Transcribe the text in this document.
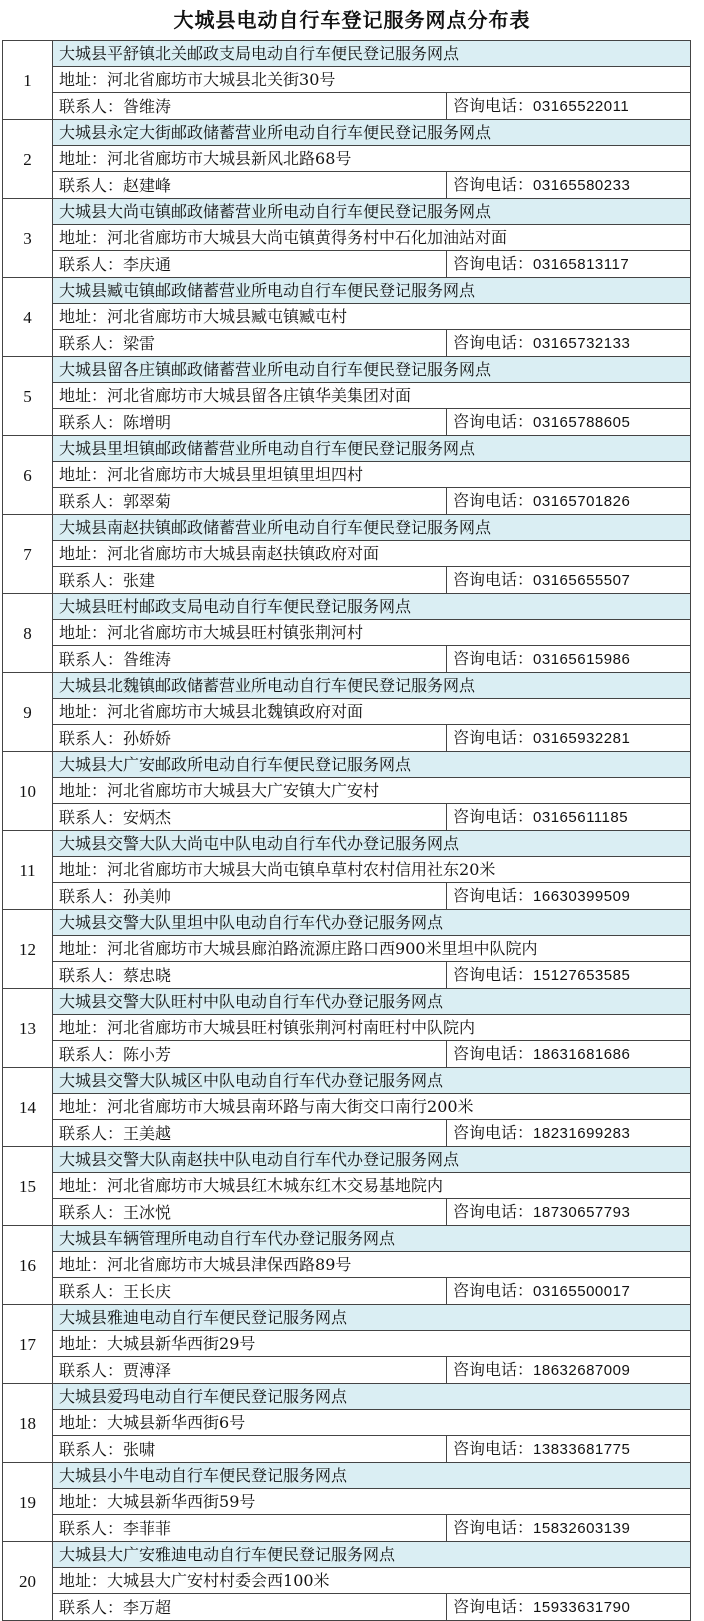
大城县电动自行车登记服务网点分布表
1	大城县平舒镇北关邮政支局电动自行车便民登记服务网点	
	地址：河北省廊坊市大城县北关街30号	
	联系人：昝维涛	咨询电话：03165522011
2	大城县永定大街邮政储蓄营业所电动自行车便民登记服务网点	
	地址：河北省廊坊市大城县新风北路68号	
	联系人：赵建峰	咨询电话：03165580233
3	大城县大尚屯镇邮政储蓄营业所电动自行车便民登记服务网点	
	地址：河北省廊坊市大城县大尚屯镇黄得务村中石化加油站对面	
	联系人：李庆通	咨询电话：03165813117
4	大城县臧屯镇邮政储蓄营业所电动自行车便民登记服务网点	
	地址：河北省廊坊市大城县臧屯镇臧屯村	
	联系人：梁雷	咨询电话：03165732133
5	大城县留各庄镇邮政储蓄营业所电动自行车便民登记服务网点	
	地址：河北省廊坊市大城县留各庄镇华美集团对面	
	联系人：陈增明	咨询电话：03165788605
6	大城县里坦镇邮政储蓄营业所电动自行车便民登记服务网点	
	地址：河北省廊坊市大城县里坦镇里坦四村	
	联系人：郭翠菊	咨询电话：03165701826
7	大城县南赵扶镇邮政储蓄营业所电动自行车便民登记服务网点	
	地址：河北省廊坊市大城县南赵扶镇政府对面	
	联系人：张建	咨询电话：03165655507
8	大城县旺村邮政支局电动自行车便民登记服务网点	
	地址：河北省廊坊市大城县旺村镇张荆河村	
	联系人：昝维涛	咨询电话：03165615986
9	大城县北魏镇邮政储蓄营业所电动自行车便民登记服务网点	
	地址：河北省廊坊市大城县北魏镇政府对面	
	联系人：孙娇娇	咨询电话：03165932281
10	大城县大广安邮政所电动自行车便民登记服务网点	
	地址：河北省廊坊市大城县大广安镇大广安村	
	联系人：安炳杰	咨询电话：03165611185
11	大城县交警大队大尚屯中队电动自行车代办登记服务网点	
	地址：河北省廊坊市大城县大尚屯镇阜草村农村信用社东20米	
	联系人：孙美帅	咨询电话：16630399509
12	大城县交警大队里坦中队电动自行车代办登记服务网点	
	地址：河北省廊坊市大城县廊泊路流源庄路口西900米里坦中队院内	
	联系人：蔡忠晓	咨询电话：15127653585
13	大城县交警大队旺村中队电动自行车代办登记服务网点	
	地址：河北省廊坊市大城县旺村镇张荆河村南旺村中队院内	
	联系人：陈小芳	咨询电话：18631681686
14	大城县交警大队城区中队电动自行车代办登记服务网点	
	地址：河北省廊坊市大城县南环路与南大街交口南行200米	
	联系人：王美越	咨询电话：18231699283
15	大城县交警大队南赵扶中队电动自行车代办登记服务网点	
	地址：河北省廊坊市大城县红木城东红木交易基地院内	
	联系人：王冰悦	咨询电话：18730657793
16	大城县车辆管理所电动自行车代办登记服务网点	
	地址：河北省廊坊市大城县津保西路89号	
	联系人：王长庆	咨询电话：03165500017
17	大城县雅迪电动自行车便民登记服务网点	
	地址：大城县新华西街29号	
	联系人：贾溥泽	咨询电话：18632687009
18	大城县爱玛电动自行车便民登记服务网点	
	地址：大城县新华西街6号	
	联系人：张啸	咨询电话：13833681775
19	大城县小牛电动自行车便民登记服务网点	
	地址：大城县新华西街59号	
	联系人：李菲菲	咨询电话：15832603139
20	大城县大广安雅迪电动自行车便民登记服务网点	
	地址：大城县大广安村村委会西100米	
	联系人：李万超	咨询电话：15933631790
